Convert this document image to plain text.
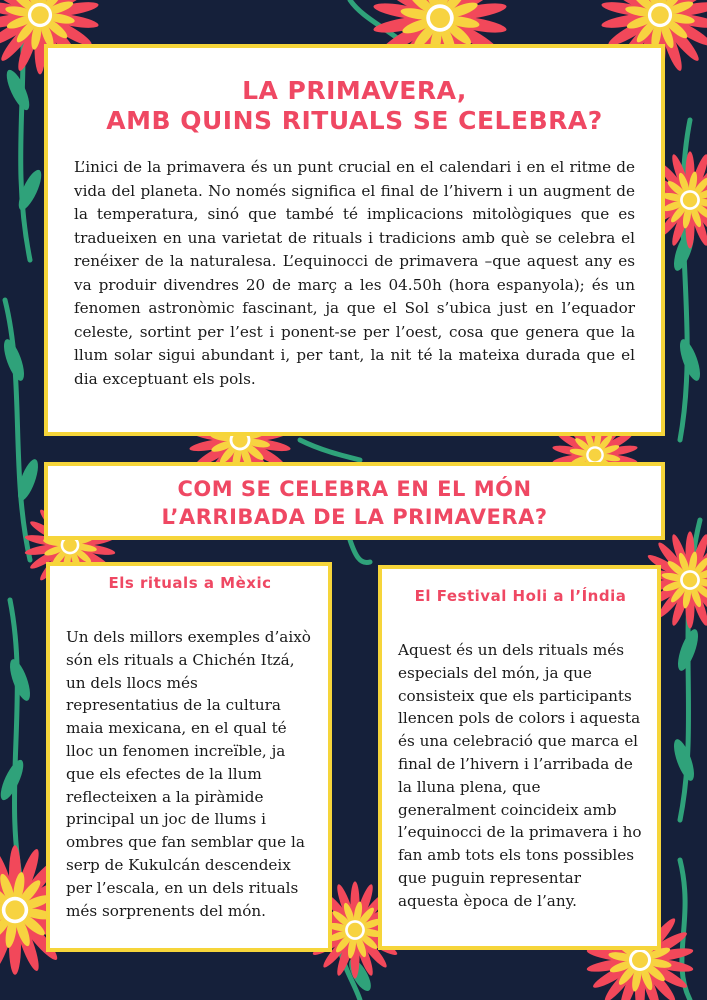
LA PRIMAVERA,
AMB QUINS RITUALS SE CELEBRA?

L’inici de la primavera és un punt crucial en el calendari i en el ritme de vida del planeta. No només significa el final de l’hivern i un augment de la temperatura, sinó que també té implicacions mitològiques que es tradueixen en una varietat de rituals i tradicions amb què se celebra el renéixer de la naturalesa. L’equinocci de primavera –que aquest any es va produir divendres 20 de març a les 04.50h (hora espanyola); és un fenomen astronòmic fascinant, ja que el Sol s’ubica just en l’equador celeste, sortint per l’est i ponent-se per l’oest, cosa que genera que la llum solar sigui abundant i, per tant, la nit té la mateixa durada que el dia exceptuant els pols.

COM SE CELEBRA EN EL MÓN
L’ARRIBADA DE LA PRIMAVERA?
Els rituals a Mèxic

Un dels millors exemples d’això són els rituals a Chichén Itzá, un dels llocs més representatius de la cultura maia mexicana, en el qual té lloc un fenomen increïble, ja que els efectes de la llum reflecteixen a la piràmide principal un joc de llums i ombres que fan semblar que la serp de Kukulcán descendeix per l’escala, en un dels rituals més sorprenents del món.

El Festival Holi a l’Índia

Aquest és un dels rituals més especials del món, ja que consisteix que els participants llencen pols de colors i aquesta és una celebració que marca el final de l’hivern i l’arribada de la lluna plena, que generalment coincideix amb l’equinocci de la primavera i ho fan amb tots els tons possibles que puguin representar aquesta època de l’any.
